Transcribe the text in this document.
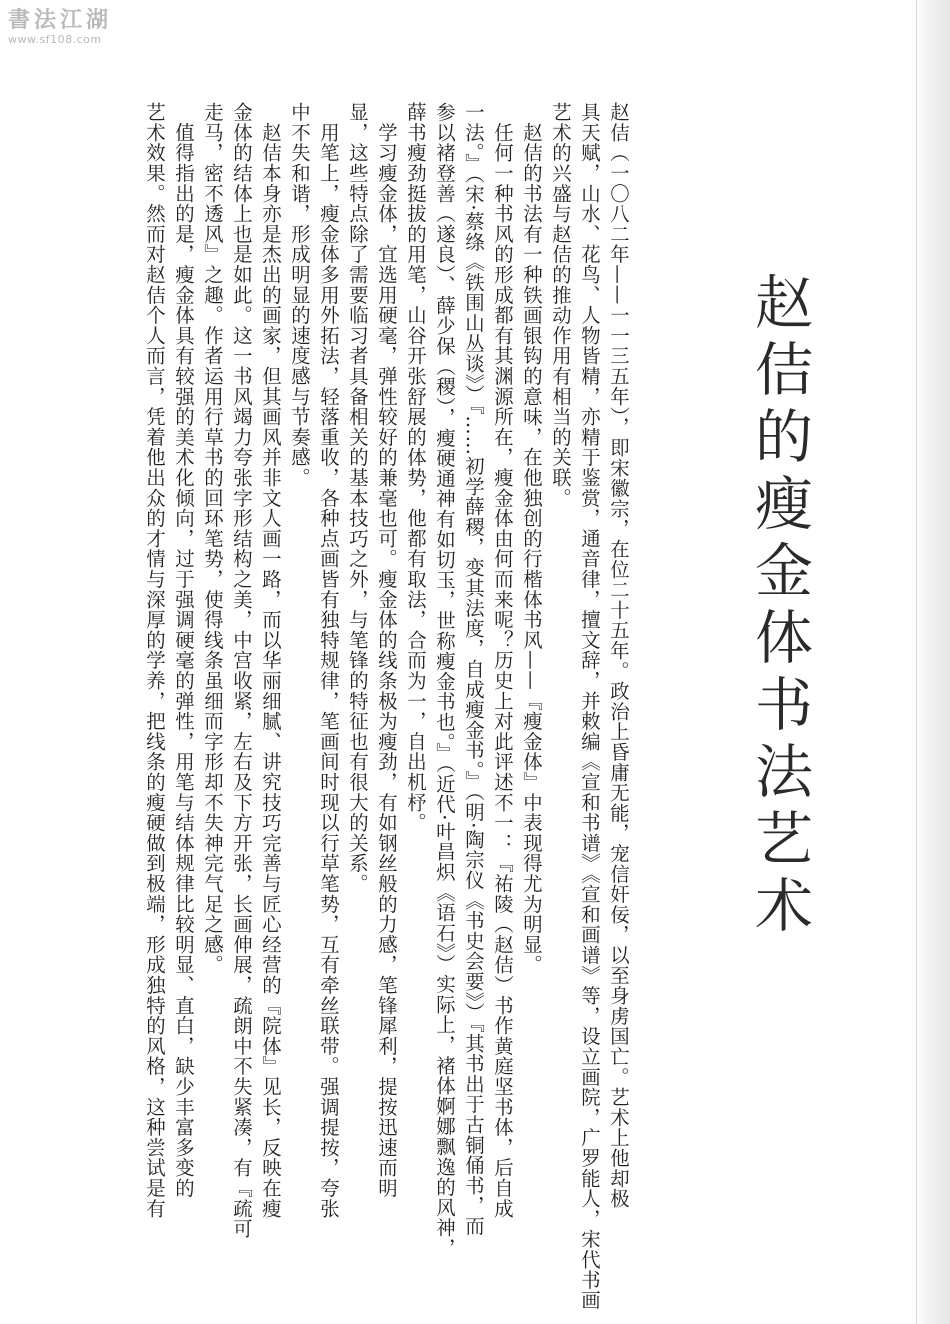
書法江湖
www.sf108.com
赵佶的瘦金体书法艺术
赵佶（一〇八二年——一一三五年），即宋徽宗，在位二十五年。政治上昏庸无能，宠信奸佞，以至身虏国亡。艺术上他却极
具天赋，山水、花鸟、人物皆精，亦精于鉴赏，通音律，擅文辞，并敕编《宣和书谱》《宣和画谱》等，设立画院，广罗能人，宋代书画
艺术的兴盛与赵佶的推动作用有相当的关联。
　赵佶的书法有一种铁画银钩的意味，在他独创的行楷体书风——『瘦金体』中表现得尤为明显。
　任何一种书风的形成都有其渊源所在，瘦金体由何而来呢？历史上对此评述不一：『祐陵（赵佶）书作黄庭坚书体，后自成
一法。』（宋·蔡绦《铁围山丛谈》）『……初学薛稷，变其法度，自成瘦金书。』（明·陶宗仪《书史会要》）『其书出于古铜俑书，而
参以褚登善（遂良）、薛少保（稷），瘦硬通神有如切玉，世称瘦金书也。』（近代·叶昌炽《语石》）实际上，褚体婀娜飘逸的风神，
薛书瘦劲挺拔的用笔，山谷开张舒展的体势，他都有取法，合而为一，自出机杼。
　学习瘦金体，宜选用硬毫，弹性较好的兼毫也可。瘦金体的线条极为瘦劲，有如钢丝般的力感，笔锋犀利，提按迅速而明
显，这些特点除了需要临习者具备相关的基本技巧之外，与笔锋的特征也有很大的关系。
　用笔上，瘦金体多用外拓法，轻落重收，各种点画皆有独特规律，笔画间时现以行草笔势，互有牵丝联带。强调提按，夸张
中不失和谐，形成明显的速度感与节奏感。
　赵佶本身亦是杰出的画家，但其画风并非文人画一路，而以华丽细腻、讲究技巧完善与匠心经营的『院体』见长，反映在瘦
金体的结体上也是如此。这一书风竭力夸张字形结构之美，中宫收紧，左右及下方开张，长画伸展，疏朗中不失紧凑，有『疏可
走马，密不透风』之趣。作者运用行草书的回环笔势，使得线条虽细而字形却不失神完气足之感。
　值得指出的是，瘦金体具有较强的美术化倾向，过于强调硬毫的弹性，用笔与结体规律比较明显、直白，缺少丰富多变的
艺术效果。然而对赵佶个人而言，凭着他出众的才情与深厚的学养，把线条的瘦硬做到极端，形成独特的风格，这种尝试是有
